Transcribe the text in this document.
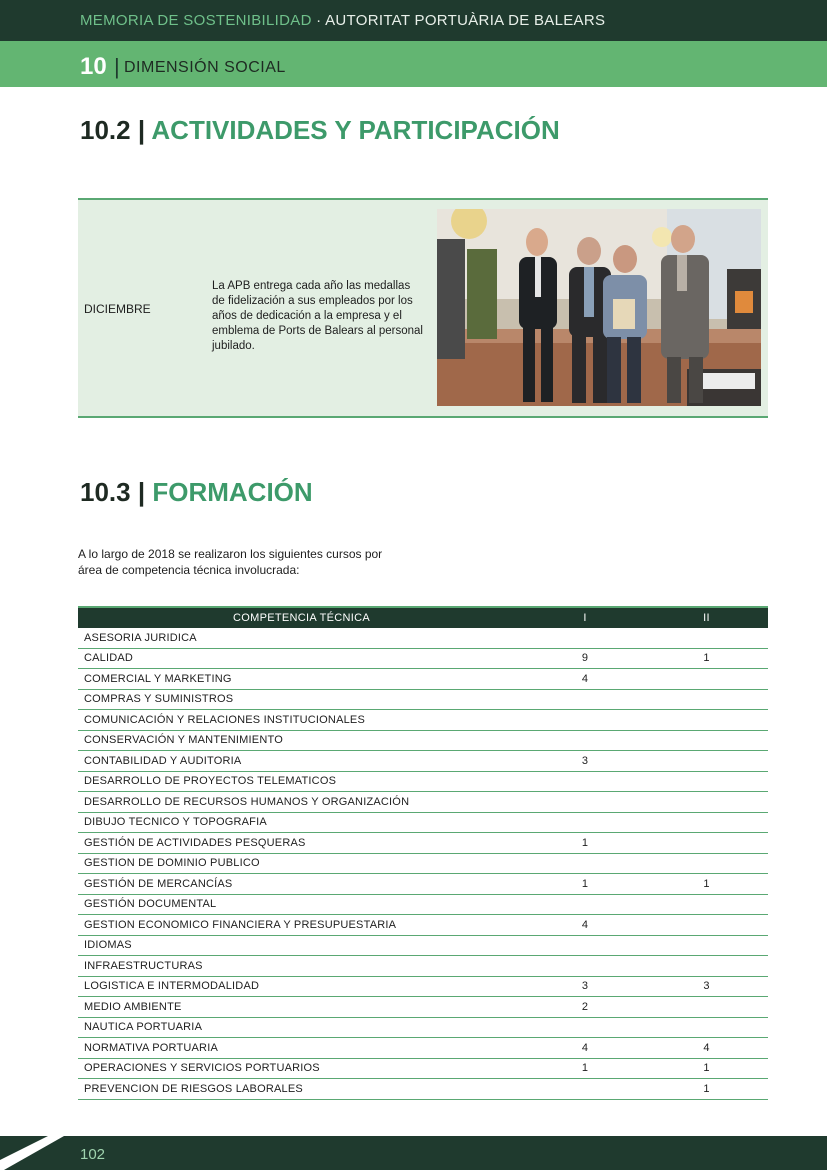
MEMORIA DE SOSTENIBILIDAD · AUTORITAT PORTUÀRIA DE BALEARS
10 | DIMENSIÓN SOCIAL
10.2 | ACTIVIDADES Y PARTICIPACIÓN
DICIEMBRE
La APB entrega cada año las medallas de fidelización a sus empleados por los años de dedicación a la empresa y el emblema de Ports de Balears al personal jubilado.
10.3 | FORMACIÓN
A lo largo de 2018 se realizaron los siguientes cursos por área de competencia técnica involucrada:
COMPETENCIA TÉCNICA	I	II
ASESORIA JURIDICA		
CALIDAD	9	1
COMERCIAL Y MARKETING	4	
COMPRAS Y SUMINISTROS		
COMUNICACIÓN Y RELACIONES INSTITUCIONALES		
CONSERVACIÓN Y MANTENIMIENTO		
CONTABILIDAD Y AUDITORIA	3	
DESARROLLO DE PROYECTOS TELEMATICOS		
DESARROLLO DE RECURSOS HUMANOS Y ORGANIZACIÓN		
DIBUJO TECNICO Y TOPOGRAFIA		
GESTIÓN DE ACTIVIDADES PESQUERAS	1	
GESTION DE DOMINIO PUBLICO		
GESTIÓN DE MERCANCÍAS	1	1
GESTIÓN DOCUMENTAL		
GESTION ECONOMICO FINANCIERA Y PRESUPUESTARIA	4	
IDIOMAS		
INFRAESTRUCTURAS		
LOGISTICA E INTERMODALIDAD	3	3
MEDIO AMBIENTE	2	
NAUTICA PORTUARIA		
NORMATIVA PORTUARIA	4	4
OPERACIONES Y SERVICIOS PORTUARIOS	1	1
PREVENCION DE RIESGOS LABORALES		1
102
